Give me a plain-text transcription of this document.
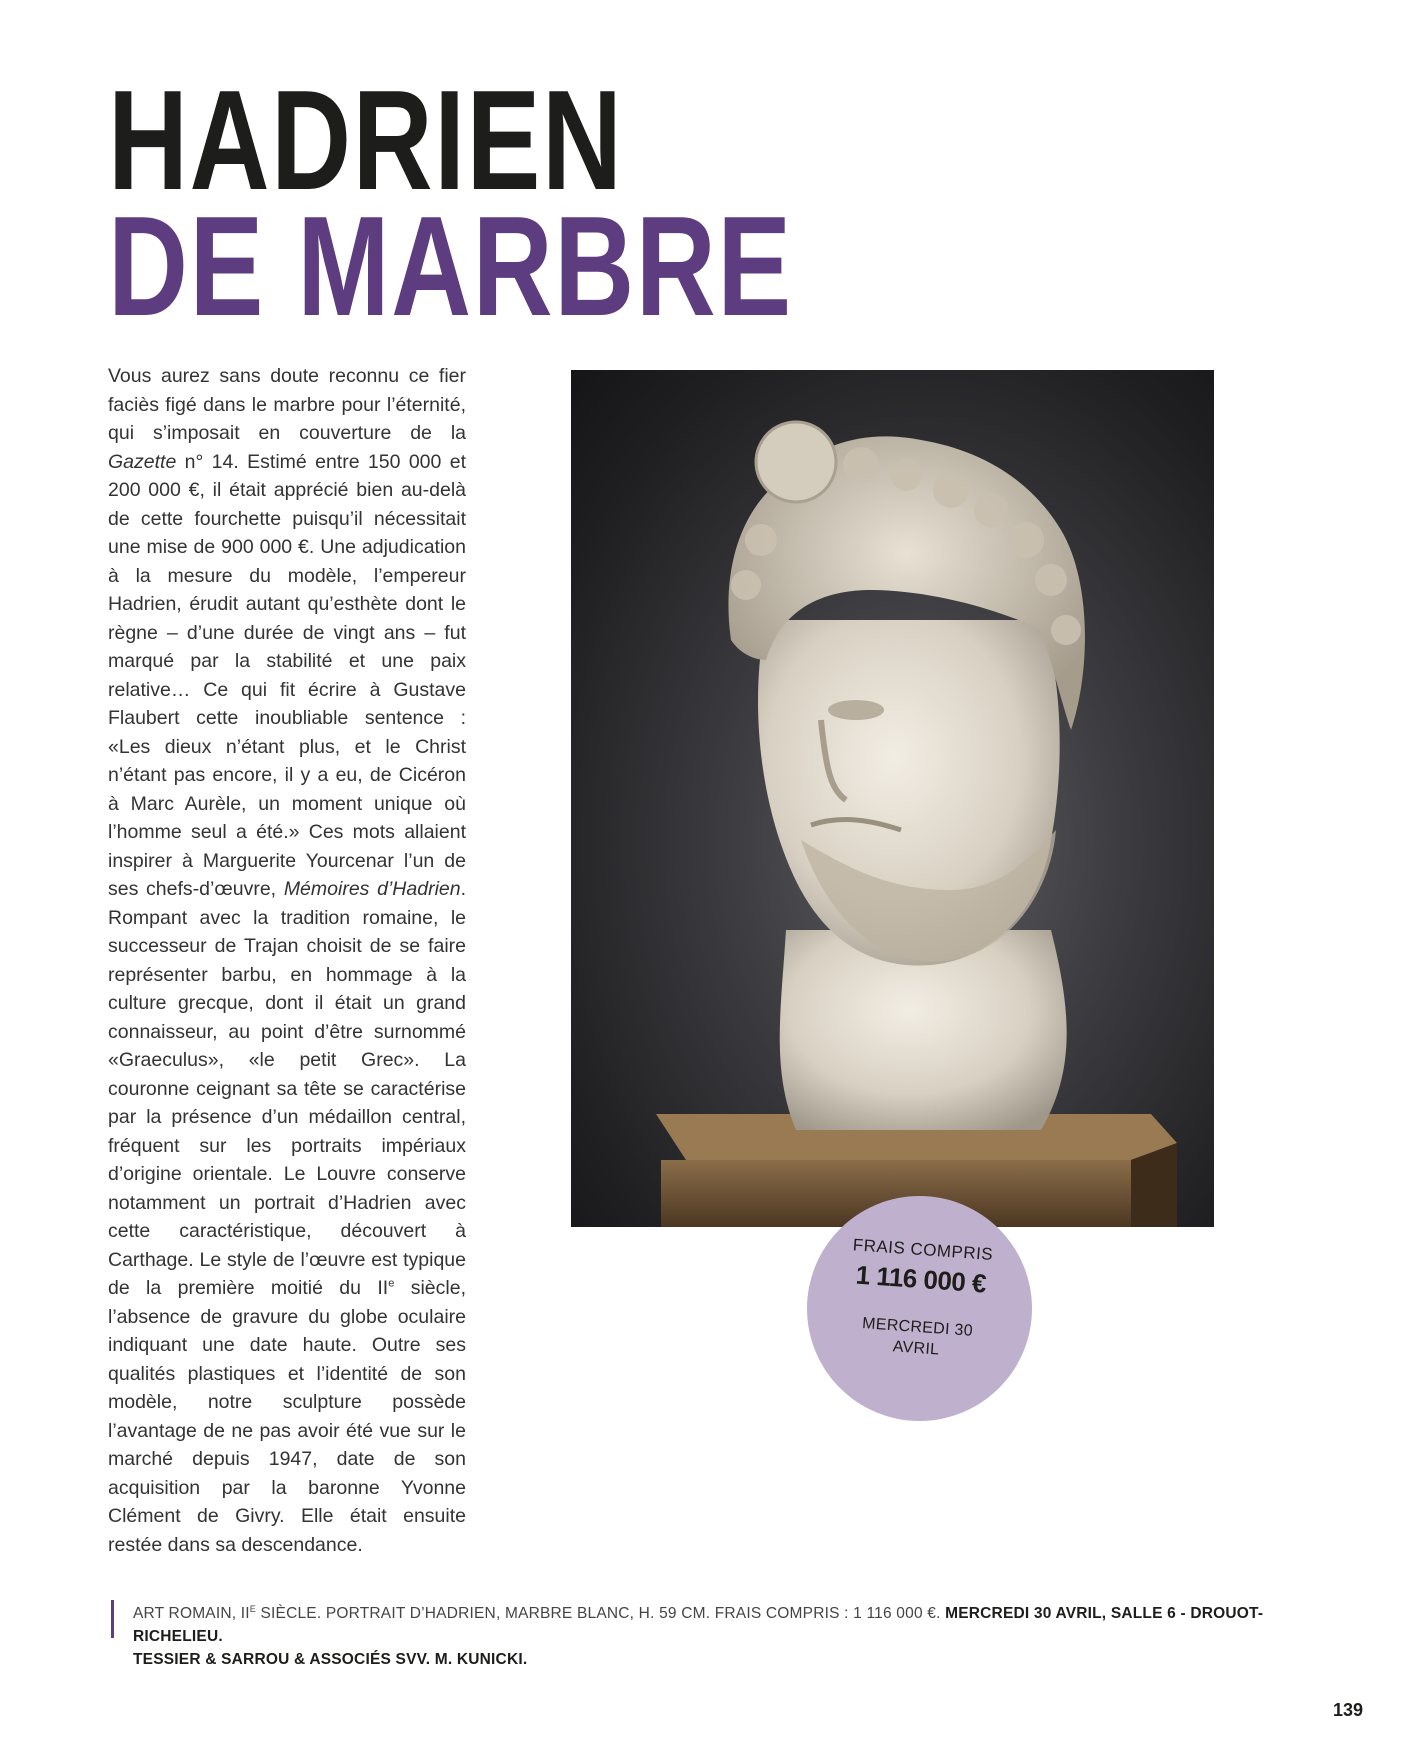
HADRIEN
DE MARBRE

Vous aurez sans doute reconnu ce fier faciès figé dans le marbre pour l’éternité, qui s’imposait en couverture de la Gazette n° 14. Estimé entre 150 000 et 200 000 €, il était apprécié bien au-delà de cette fourchette puisqu’il nécessitait une mise de 900 000 €. Une adjudication à la mesure du modèle, l’empereur Hadrien, érudit autant qu’esthète dont le règne – d’une durée de vingt ans – fut marqué par la stabilité et une paix relative… Ce qui fit écrire à Gustave Flaubert cette inoubliable sentence : «Les dieux n’étant plus, et le Christ n’étant pas encore, il y a eu, de Cicéron à Marc Aurèle, un moment unique où l’homme seul a été.» Ces mots allaient inspirer à Marguerite Yourcenar l’un de ses chefs-d’œuvre, Mémoires d’Hadrien. Rompant avec la tradition romaine, le successeur de Trajan choisit de se faire représenter barbu, en hommage à la culture grecque, dont il était un grand connaisseur, au point d’être surnommé «Graeculus», «le petit Grec». La couronne ceignant sa tête se caractérise par la présence d’un médaillon central, fréquent sur les portraits impériaux d’origine orientale. Le Louvre conserve notamment un portrait d’Hadrien avec cette caractéristique, découvert à Carthage. Le style de l’œuvre est typique de la première moitié du IIe siècle, l’absence de gravure du globe oculaire indiquant une date haute. Outre ses qualités plastiques et l’identité de son modèle, notre sculpture possède l’avantage de ne pas avoir été vue sur le marché depuis 1947, date de son acquisition par la baronne Yvonne Clément de Givry. Elle était ensuite restée dans sa descendance.

FRAIS COMPRIS
1 116 000 €
MERCREDI 30
AVRIL
ART ROMAIN, $II^E$ SIÈCLE. PORTRAIT D’HADRIEN, MARBRE BLANC, H. 59 CM. FRAIS COMPRIS : 1 116 000 €. MERCREDI 30 AVRIL, SALLE 6 - DROUOT-RICHELIEU.
TESSIER & SARROU & ASSOCIÉS SVV. M. KUNICKI.
139
